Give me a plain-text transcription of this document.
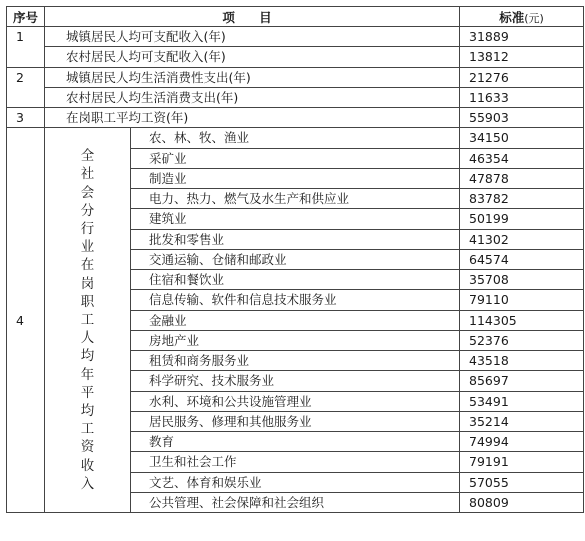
序号	项 目		标准(元)
1	城镇居民人均可支配收入(年)		31889
	农村居民人均可支配收入(年)		13812
2	城镇居民人均生活消费性支出(年)		21276
	农村居民人均生活消费支出(年)		11633
3	在岗职工平均工资(年)		55903
4	全社会分行业在岗职工人均年平均工资收入	农、林、牧、渔业	34150
		采矿业	46354
		制造业	47878
		电力、热力、燃气及水生产和供应业	83782
		建筑业	50199
		批发和零售业	41302
		交通运输、仓储和邮政业	64574
		住宿和餐饮业	35708
		信息传输、软件和信息技术服务业	79110
		金融业	114305
		房地产业	52376
		租赁和商务服务业	43518
		科学研究、技术服务业	85697
		水利、环境和公共设施管理业	53491
		居民服务、修理和其他服务业	35214
		教育	74994
		卫生和社会工作	79191
		文艺、体育和娱乐业	57055
		公共管理、社会保障和社会组织	80809
